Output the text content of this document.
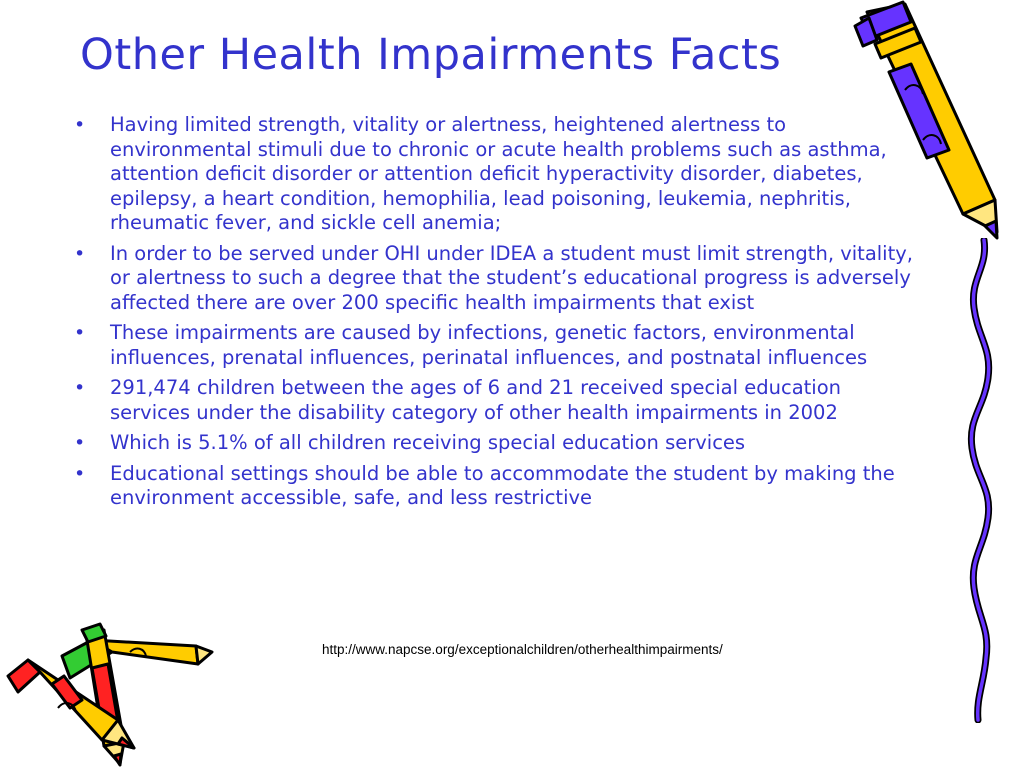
Other Health Impairments Facts
•	Having limited strength, vitality or alertness, heightened alertness to environmental stimuli due to chronic or acute health problems such as asthma, attention deficit disorder or attention deficit hyperactivity disorder, diabetes, epilepsy, a heart condition, hemophilia, lead poisoning, leukemia, nephritis, rheumatic fever, and sickle cell anemia;
•	In order to be served under OHI under IDEA a student must limit strength, vitality, or alertness to such a degree that the student’s educational progress is adversely affected there are over 200 specific health impairments that exist
•	These impairments are caused by infections, genetic factors, environmental influences, prenatal influences, perinatal influences, and postnatal influences
•	291,474 children between the ages of 6 and 21 received special education services under the disability category of other health impairments in 2002
•	Which is 5.1% of all children receiving special education services
•	Educational settings should be able to accommodate the student by making the environment accessible, safe, and less restrictive
http://www.napcse.org/exceptionalchildren/otherhealthimpairments/
